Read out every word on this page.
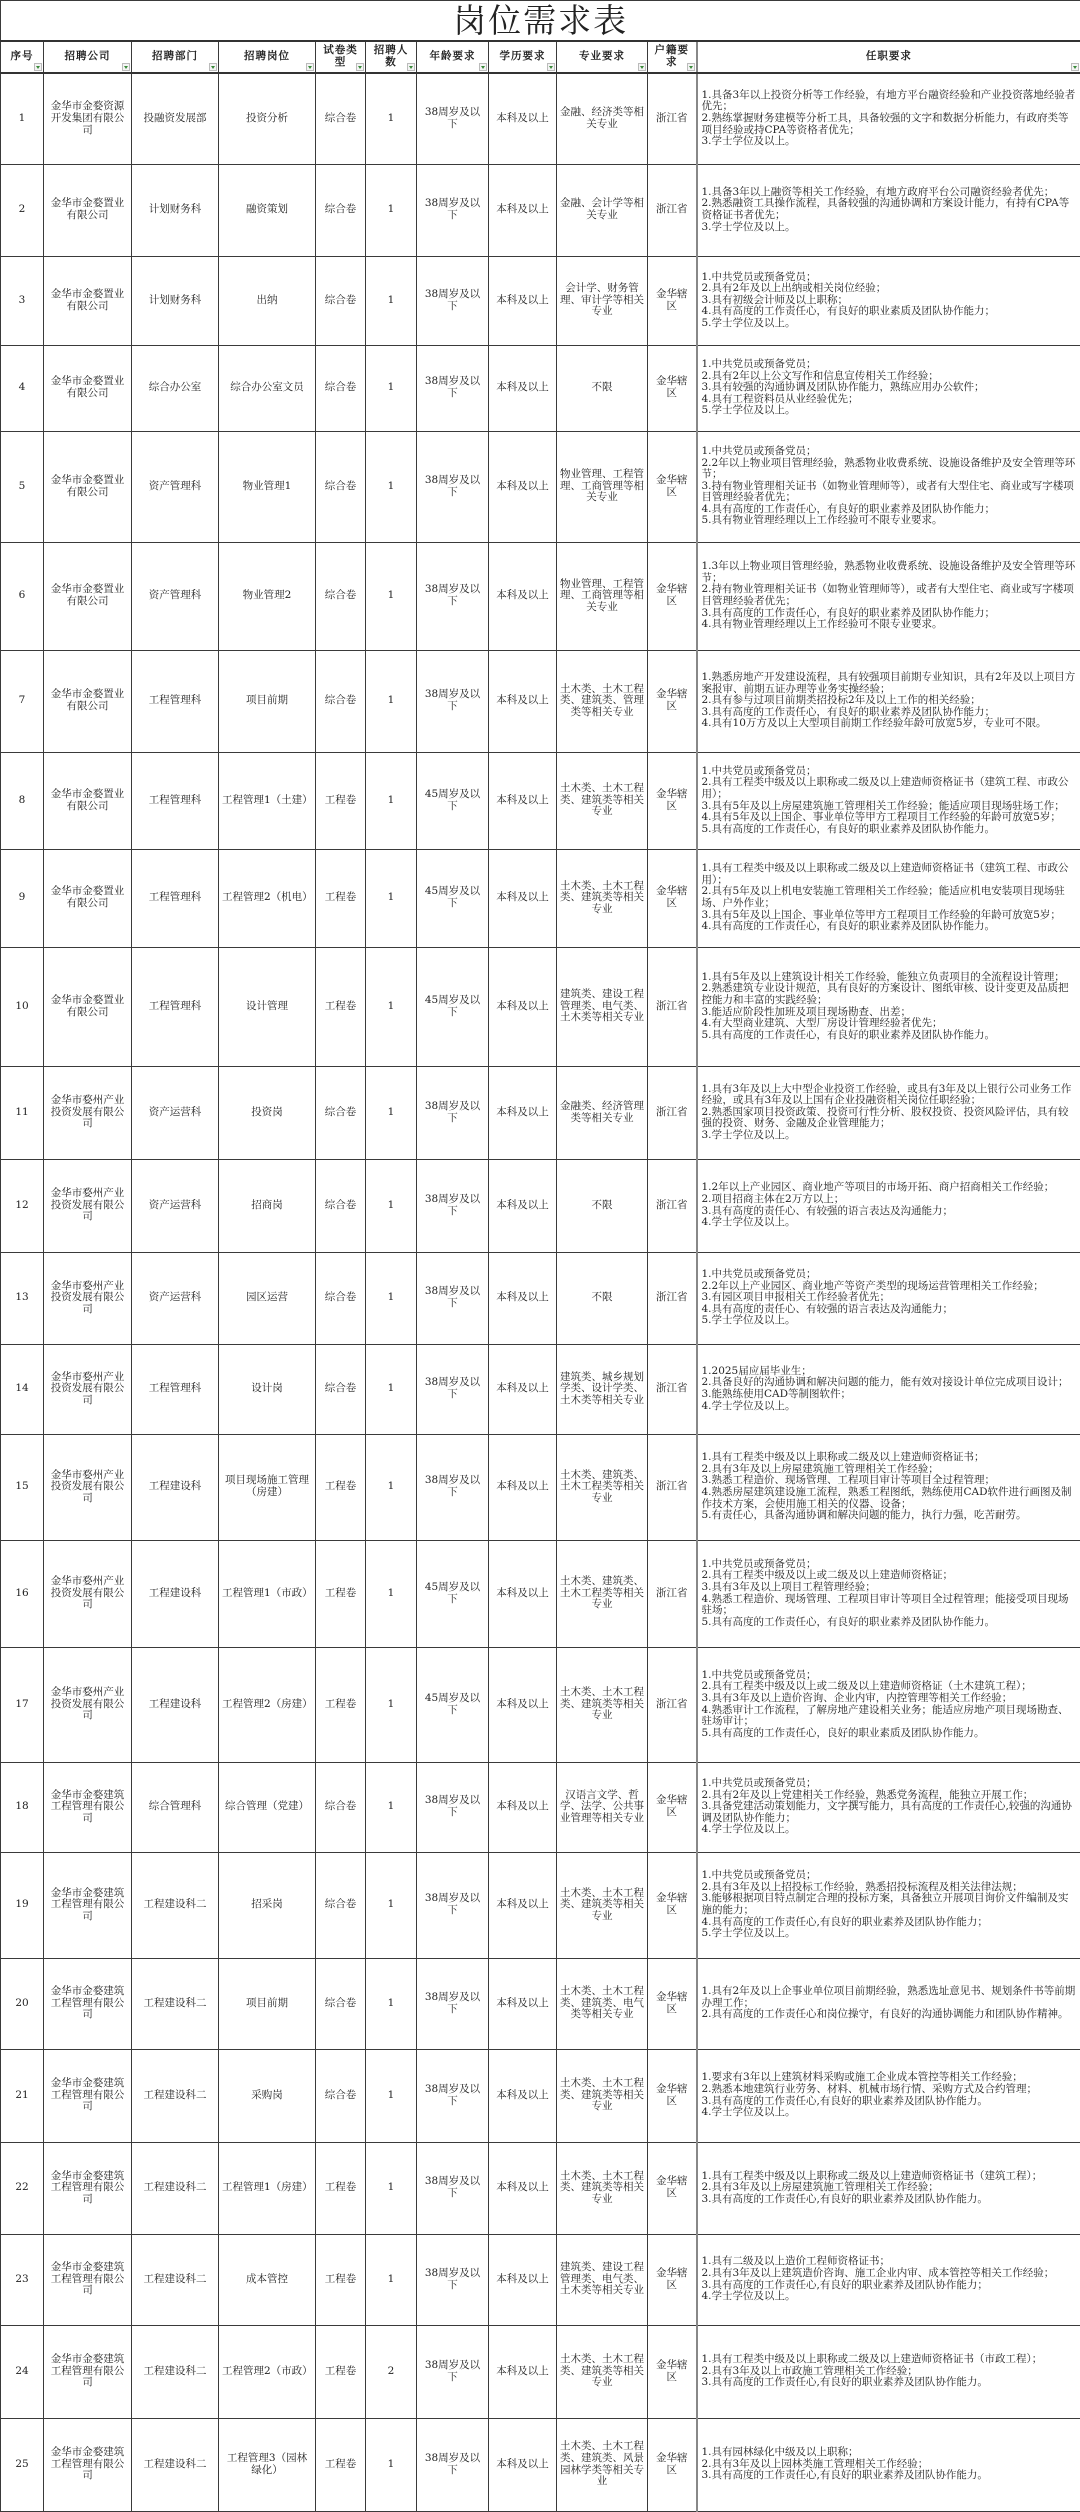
岗位需求表										
序号	招聘公司	招聘部门	招聘岗位	试卷类型	招聘人数	年龄要求	学历要求	专业要求	户籍要求	任职要求

1	金华市金婺资源开发集团有限公司	投融资发展部	投资分析	综合卷	1	38周岁及以下	本科及以上	金融、经济类等相关专业	浙江省	1.具备3年以上投资分析等工作经验，有地方平台融资经验和产业投资落地经验者优先；
2.熟练掌握财务建模等分析工具，具备较强的文字和数据分析能力，有政府类等项目经验或持CPA等资格者优先；
3.学士学位及以上。
2	金华市金婺置业有限公司	计划财务科	融资策划	综合卷	1	38周岁及以下	本科及以上	金融、会计学等相关专业	浙江省	1.具备3年以上融资等相关工作经验，有地方政府平台公司融资经验者优先；
2.熟悉融资工具操作流程，具备较强的沟通协调和方案设计能力，有持有CPA等资格证书者优先；
3.学士学位及以上。
3	金华市金婺置业有限公司	计划财务科	出纳	综合卷	1	38周岁及以下	本科及以上	会计学、财务管理、审计学等相关专业	金华辖区	1.中共党员或预备党员；
2.具有2年及以上出纳或相关岗位经验；
3.具有初级会计师及以上职称；
4.具有高度的工作责任心，有良好的职业素质及团队协作能力；
5.学士学位及以上。
4	金华市金婺置业有限公司	综合办公室	综合办公室文员	综合卷	1	38周岁及以下	本科及以上	不限	金华辖区	1.中共党员或预备党员；
2.具有2年以上公文写作和信息宣传相关工作经验；
3.具有较强的沟通协调及团队协作能力，熟练应用办公软件；
4.具有工程资料员从业经验优先；
5.学士学位及以上。
5	金华市金婺置业有限公司	资产管理科	物业管理1	综合卷	1	38周岁及以下	本科及以上	物业管理、工程管理、工商管理等相关专业	金华辖区	1.中共党员或预备党员；
2.2年以上物业项目管理经验，熟悉物业收费系统、设施设备维护及安全管理等环节；
3.持有物业管理相关证书（如物业管理师等），或者有大型住宅、商业或写字楼项目管理经验者优先；
4.具有高度的工作责任心，有良好的职业素养及团队协作能力；
5.具有物业管理经理以上工作经验可不限专业要求。
6	金华市金婺置业有限公司	资产管理科	物业管理2	综合卷	1	38周岁及以下	本科及以上	物业管理、工程管理、工商管理等相关专业	金华辖区	1.3年以上物业项目管理经验，熟悉物业收费系统、设施设备维护及安全管理等环节；
2.持有物业管理相关证书（如物业管理师等），或者有大型住宅、商业或写字楼项目管理经验者优先；
3.具有高度的工作责任心，有良好的职业素养及团队协作能力；
4.具有物业管理经理以上工作经验可不限专业要求。
7	金华市金婺置业有限公司	工程管理科	项目前期	综合卷	1	38周岁及以下	本科及以上	土木类、土木工程类、建筑类、管理类等相关专业	金华辖区	1.熟悉房地产开发建设流程，具有较强项目前期专业知识，具有2年及以上项目方案报审、前期五证办理等业务实操经验；
2.具有参与过项目前期类招投标2年及以上工作的相关经验；
3.具有高度的工作责任心，有良好的职业素养及团队协作能力；
4.具有10万方及以上大型项目前期工作经验年龄可放宽5岁，专业可不限。
8	金华市金婺置业有限公司	工程管理科	工程管理1（土建）	工程卷	1	45周岁及以下	本科及以上	土木类、土木工程类、建筑类等相关专业	金华辖区	1.中共党员或预备党员；
2.具有工程类中级及以上职称或二级及以上建造师资格证书（建筑工程、市政公用）；
3.具有5年及以上房屋建筑施工管理相关工作经验；能适应项目现场驻场工作；
4.具有5年及以上国企、事业单位等甲方工程项目工作经验的年龄可放宽5岁；
5.具有高度的工作责任心，有良好的职业素养及团队协作能力。
9	金华市金婺置业有限公司	工程管理科	工程管理2（机电）	工程卷	1	45周岁及以下	本科及以上	土木类、土木工程类、建筑类等相关专业	金华辖区	1.具有工程类中级及以上职称或二级及以上建造师资格证书（建筑工程、市政公用）；
2.具有5年及以上机电安装施工管理相关工作经验；能适应机电安装项目现场驻场、户外作业；
3.具有5年及以上国企、事业单位等甲方工程项目工作经验的年龄可放宽5岁；
4.具有高度的工作责任心，有良好的职业素养及团队协作能力。
10	金华市金婺置业有限公司	工程管理科	设计管理	工程卷	1	45周岁及以下	本科及以上	建筑类、建设工程管理类、电气类、土木类等相关专业	浙江省	1.具有5年及以上建筑设计相关工作经验，能独立负责项目的全流程设计管理；
2.熟悉建筑专业设计规范，具有良好的方案设计、图纸审核、设计变更及品质把控能力和丰富的实践经验；
3.能适应阶段性加班及项目现场勘查、出差；
4.有大型商业建筑、大型厂房设计管理经验者优先；
5.具有高度的工作责任心，有良好的职业素养及团队协作能力。
11	金华市婺州产业投资发展有限公司	资产运营科	投资岗	综合卷	1	38周岁及以下	本科及以上	金融类、经济管理类等相关专业	浙江省	1.具有3年及以上大中型企业投资工作经验，或具有3年及以上银行公司业务工作经验，或具有3年及以上国有企业投融资相关岗位任职经验；
2.熟悉国家项目投资政策、投资可行性分析、股权投资、投资风险评估，具有较强的投资、财务、金融及企业管理能力；
3.学士学位及以上。
12	金华市婺州产业投资发展有限公司	资产运营科	招商岗	综合卷	1	38周岁及以下	本科及以上	不限	浙江省	1.2年以上产业园区、商业地产等项目的市场开拓、商户招商相关工作经验；
2.项目招商主体在2万方以上；
3.具有高度的责任心、有较强的语言表达及沟通能力；
4.学士学位及以上。
13	金华市婺州产业投资发展有限公司	资产运营科	园区运营	综合卷	1	38周岁及以下	本科及以上	不限	浙江省	1.中共党员或预备党员；
2.2年以上产业园区、商业地产等资产类型的现场运营管理相关工作经验；
3.有园区项目申报相关工作经验者优先；
4.具有高度的责任心、有较强的语言表达及沟通能力；
5.学士学位及以上。
14	金华市婺州产业投资发展有限公司	工程管理科	设计岗	综合卷	1	38周岁及以下	本科及以上	建筑类、城乡规划学类、设计学类、土木类等相关专业	浙江省	1.2025届应届毕业生；
2.具备良好的沟通协调和解决问题的能力，能有效对接设计单位完成项目设计；
3.能熟练使用CAD等制图软件；
4.学士学位及以上。
15	金华市婺州产业投资发展有限公司	工程建设科	项目现场施工管理（房建）	工程卷	1	38周岁及以下	本科及以上	土木类、建筑类、土木工程类等相关专业	浙江省	1.具有工程类中级及以上职称或二级及以上建造师资格证书；
2.具有3年及以上房屋建筑施工管理相关工作经验；
3.熟悉工程造价、现场管理、工程项目审计等项目全过程管理；
4.熟悉房屋建筑建设施工流程，熟悉工程图纸，熟练使用CAD软件进行画图及制作技术方案，会使用施工相关的仪器、设备；
5.有责任心，具备沟通协调和解决问题的能力，执行力强，吃苦耐劳。
16	金华市婺州产业投资发展有限公司	工程建设科	工程管理1（市政）	工程卷	1	45周岁及以下	本科及以上	土木类、建筑类、土木工程类等相关专业	浙江省	1.中共党员或预备党员；
2.具有工程类中级及以上或二级及以上建造师资格证；
3.具有3年及以上项目工程管理经验；
4.熟悉工程造价、现场管理、工程项目审计等项目全过程管理；能接受项目现场驻场；
5.具有高度的工作责任心，有良好的职业素养及团队协作能力。
17	金华市婺州产业投资发展有限公司	工程建设科	工程管理2（房建）	工程卷	1	45周岁及以下	本科及以上	土木类、土木工程类、建筑类等相关专业	浙江省	1.中共党员或预备党员；
2.具有工程类中级及以上或二级及以上建造师资格证（土木建筑工程）；
3.具有3年及以上造价咨询、企业内审，内控管理等相关工作经验；
4.熟悉审计工作流程，了解房地产建设相关业务；能适应房地产项目现场勘查、驻场审计；
5.具有高度的工作责任心，良好的职业素质及团队协作能力。
18	金华市金婺建筑工程管理有限公司	综合管理科	综合管理（党建）	综合卷	1	38周岁及以下	本科及以上	汉语言文学、哲学、法学、公共事业管理等相关专业	金华辖区	1.中共党员或预备党员；
2.具有2年及以上党建相关工作经验，熟悉党务流程，能独立开展工作；
3.具备党建活动策划能力，文字撰写能力，具有高度的工作责任心,较强的沟通协调及团队协作能力；
4.学士学位及以上。
19	金华市金婺建筑工程管理有限公司	工程建设科二	招采岗	综合卷	1	38周岁及以下	本科及以上	土木类、土木工程类、建筑类等相关专业	金华辖区	1.中共党员或预备党员；
2.具有3年及以上招投标工作经验，熟悉招投标流程及相关法律法规；
3.能够根据项目特点制定合理的投标方案，具备独立开展项目询价文件编制及实施的能力；
4.具有高度的工作责任心,有良好的职业素养及团队协作能力；
5.学士学位及以上。
20	金华市金婺建筑工程管理有限公司	工程建设科二	项目前期	综合卷	1	38周岁及以下	本科及以上	土木类、土木工程类、建筑类、电气类等相关专业	金华辖区	1.具有2年及以上企事业单位项目前期经验，熟悉选址意见书、规划条件书等前期办理工作；
2.具有高度的工作责任心和岗位操守，有良好的沟通协调能力和团队协作精神。
21	金华市金婺建筑工程管理有限公司	工程建设科二	采购岗	综合卷	1	38周岁及以下	本科及以上	土木类、土木工程类、建筑类等相关专业	金华辖区	1.要求有3年以上建筑材料采购或施工企业成本管控等相关工作经验；
2.熟悉本地建筑行业劳务、材料、机械市场行情、采购方式及合约管理；
3.具有高度的工作责任心,有良好的职业素养及团队协作能力。
4.学士学位及以上。
22	金华市金婺建筑工程管理有限公司	工程建设科二	工程管理1（房建）	工程卷	1	38周岁及以下	本科及以上	土木类、土木工程类、建筑类等相关专业	金华辖区	1.具有工程类中级及以上职称或二级及以上建造师资格证书（建筑工程）；
2.具有3年及以上房屋建筑施工管理相关工作经验；
3.具有高度的工作责任心,有良好的职业素养及团队协作能力。
23	金华市金婺建筑工程管理有限公司	工程建设科二	成本管控	工程卷	1	38周岁及以下	本科及以上	建筑类、建设工程管理类、电气类、土木类等相关专业	金华辖区	1.具有二级及以上造价工程师资格证书；
2.具有3年及以上建筑造价咨询、施工企业内审、成本管控等相关工作经验；
3.具有高度的工作责任心,有良好的职业素养及团队协作能力；
4.学士学位及以上。
24	金华市金婺建筑工程管理有限公司	工程建设科二	工程管理2（市政）	工程卷	2	38周岁及以下	本科及以上	土木类、土木工程类、建筑类等相关专业	金华辖区	1.具有工程类中级及以上职称或二级及以上建造师资格证书（市政工程）；
2.具有3年及以上市政施工管理相关工作经验；
3.具有高度的工作责任心,有良好的职业素养及团队协作能力。
25	金华市金婺建筑工程管理有限公司	工程建设科二	工程管理3（园林绿化）	工程卷	1	38周岁及以下	本科及以上	土木类、土木工程类、建筑类、风景园林学类等相关专业	金华辖区	1.具有园林绿化中级及以上职称；
2.具有3年及以上园林类施工管理相关工作经验；
3.具有高度的工作责任心,有良好的职业素养及团队协作能力。
